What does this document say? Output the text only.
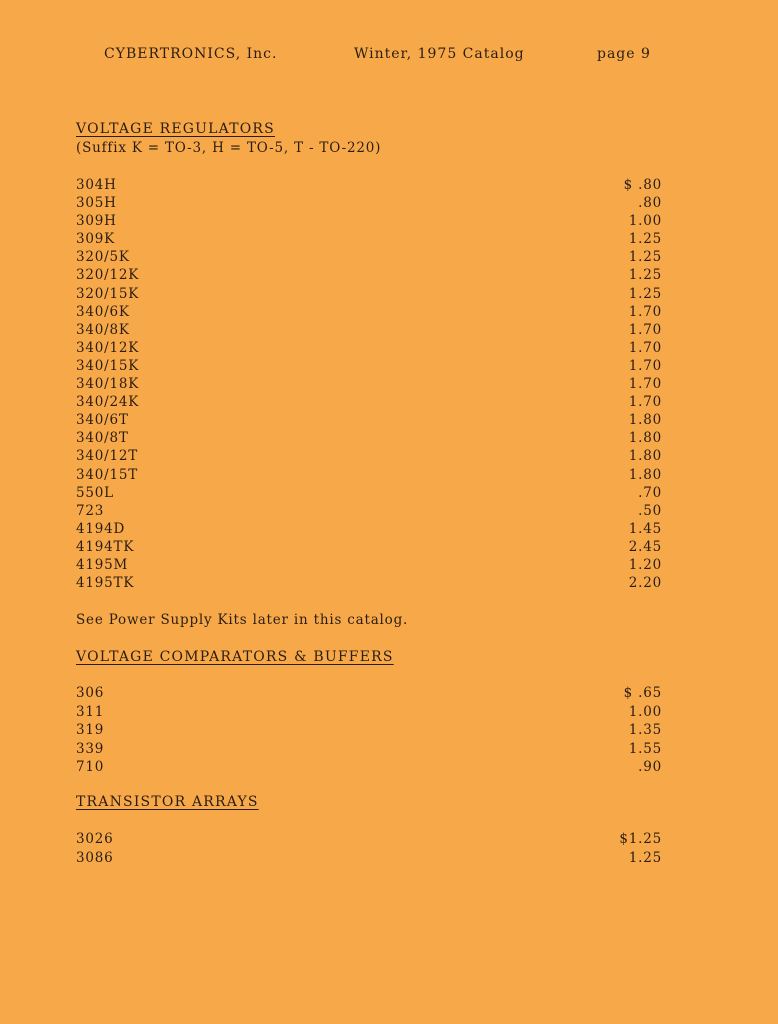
CYBERTRONICS, Inc.	Winter, 1975 Catalog	page 9
VOLTAGE REGULATORS
(Suffix K = TO-3, H = TO-5, T - TO-220)
304H	$ .80
305H	.80
309H	1.00
309K	1.25
320/5K	1.25
320/12K	1.25
320/15K	1.25
340/6K	1.70
340/8K	1.70
340/12K	1.70
340/15K	1.70
340/18K	1.70
340/24K	1.70
340/6T	1.80
340/8T	1.80
340/12T	1.80
340/15T	1.80
550L	.70
723	.50
4194D	1.45
4194TK	2.45
4195M	1.20
4195TK	2.20
See Power Supply Kits later in this catalog.
VOLTAGE COMPARATORS & BUFFERS
306	$ .65
311	1.00
319	1.35
339	1.55
710	.90
TRANSISTOR ARRAYS
3026	$1.25
3086	1.25
